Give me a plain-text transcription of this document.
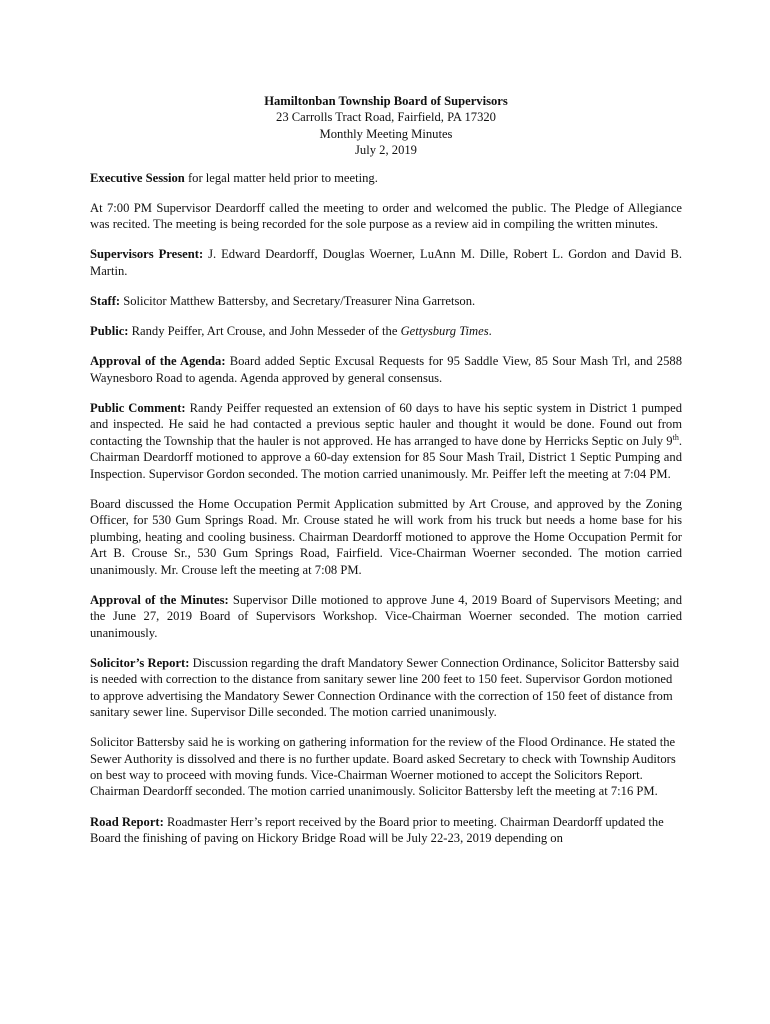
Hamiltonban Township Board of Supervisors
23 Carrolls Tract Road, Fairfield, PA 17320
Monthly Meeting Minutes
July 2, 2019

Executive Session for legal matter held prior to meeting.

At 7:00 PM Supervisor Deardorff called the meeting to order and welcomed the public. The Pledge of Allegiance was recited. The meeting is being recorded for the sole purpose as a review aid in compiling the written minutes.

Supervisors Present: J. Edward Deardorff, Douglas Woerner, LuAnn M. Dille, Robert L. Gordon and David B. Martin.

Staff: Solicitor Matthew Battersby, and Secretary/Treasurer Nina Garretson.

Public: Randy Peiffer, Art Crouse, and John Messeder of the Gettysburg Times.

Approval of the Agenda: Board added Septic Excusal Requests for 95 Saddle View, 85 Sour Mash Trl, and 2588 Waynesboro Road to agenda. Agenda approved by general consensus.

Public Comment: Randy Peiffer requested an extension of 60 days to have his septic system in District 1 pumped and inspected. He said he had contacted a previous septic hauler and thought it would be done. Found out from contacting the Township that the hauler is not approved. He has arranged to have done by Herricks Septic on July 9th. Chairman Deardorff motioned to approve a 60-day extension for 85 Sour Mash Trail, District 1 Septic Pumping and Inspection. Supervisor Gordon seconded. The motion carried unanimously. Mr. Peiffer left the meeting at 7:04 PM.

Board discussed the Home Occupation Permit Application submitted by Art Crouse, and approved by the Zoning Officer, for 530 Gum Springs Road. Mr. Crouse stated he will work from his truck but needs a home base for his plumbing, heating and cooling business. Chairman Deardorff motioned to approve the Home Occupation Permit for Art B. Crouse Sr., 530 Gum Springs Road, Fairfield. Vice-Chairman Woerner seconded. The motion carried unanimously. Mr. Crouse left the meeting at 7:08 PM.

Approval of the Minutes: Supervisor Dille motioned to approve June 4, 2019 Board of Supervisors Meeting; and the June 27, 2019 Board of Supervisors Workshop. Vice-Chairman Woerner seconded. The motion carried unanimously.

Solicitor’s Report: Discussion regarding the draft Mandatory Sewer Connection Ordinance, Solicitor Battersby said is needed with correction to the distance from sanitary sewer line 200 feet to 150 feet. Supervisor Gordon motioned to approve advertising the Mandatory Sewer Connection Ordinance with the correction of 150 feet of distance from sanitary sewer line. Supervisor Dille seconded. The motion carried unanimously.

Solicitor Battersby said he is working on gathering information for the review of the Flood Ordinance. He stated the Sewer Authority is dissolved and there is no further update. Board asked Secretary to check with Township Auditors on best way to proceed with moving funds. Vice-Chairman Woerner motioned to accept the Solicitors Report. Chairman Deardorff seconded. The motion carried unanimously. Solicitor Battersby left the meeting at 7:16 PM.

Road Report: Roadmaster Herr’s report received by the Board prior to meeting. Chairman Deardorff updated the Board the finishing of paving on Hickory Bridge Road will be July 22-23, 2019 depending on
